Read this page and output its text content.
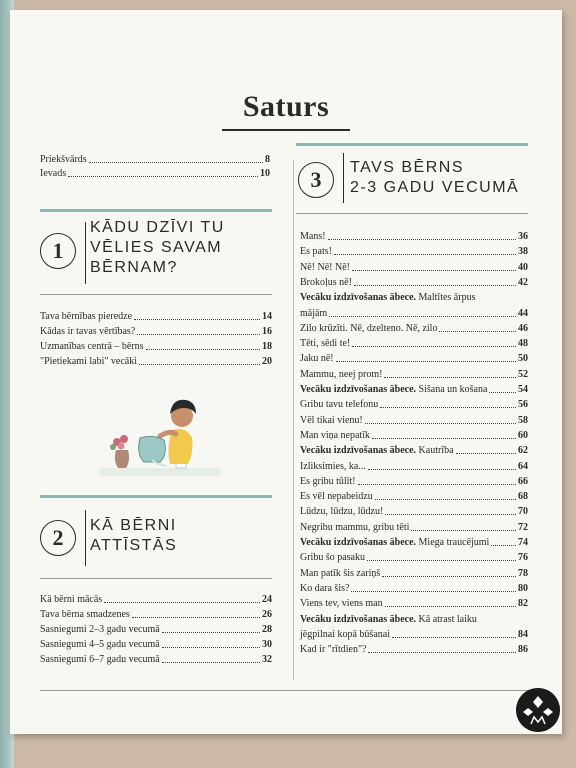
Saturs
Priekšvārds	8
Ievads	10
1
KĀDU DZĪVI TU
VĒLIES SAVAM
BĒRNAM?
Tava bērnības pieredze	14
Kādas ir tavas vērtības?	16
Uzmanības centrā – bērns	18
"Pietiekami labi" vecāki	20
2	KĀ BĒRNI
ATTĪSTĀS
Kā bērni mācās	24
Tava bērna smadzenes	26
Sasniegumi 2–3 gadu vecumā	28
Sasniegumi 4–5 gadu vecumā	30
Sasniegumi 6–7 gadu vecumā	32
3	TAVS BĒRNS
2-3 GADU VECUMĀ
Mans!	36
Es pats!	38
Nē! Nē! Nē!	40
Brokoļus nē!	42
Vecāku izdzīvošanas ābece. Maltītes ārpus
mājām	44
Zilo krūzīti. Nē, dzelteno. Nē, zilo	46
Tēti, sēdi te!	48
Jaku nē!	50
Mammu, neej prom!	52
Vecāku izdzīvošanas ābece. Sišana un košana	54
Gribu tavu telefonu	56
Vēl tikai vienu!	58
Man viņa nepatīk	60
Vecāku izdzīvošanas ābece. Kautrība	62
Izliksimies, ka...	64
Es gribu tūlīt!	66
Es vēl nepabeidzu	68
Lūdzu, lūdzu, lūdzu!	70
Negribu mammu, gribu tēti	72
Vecāku izdzīvošanas ābece. Miega traucējumi	74
Gribu šo pasaku	76
Man patīk šis zariņš	78
Ko dara šis?	80
Viens tev, viens man	82
Vecāku izdzīvošanas ābece. Kā atrast laiku
jēgpilnai kopā būšanai	84
Kad ir "rītdien"?	86
